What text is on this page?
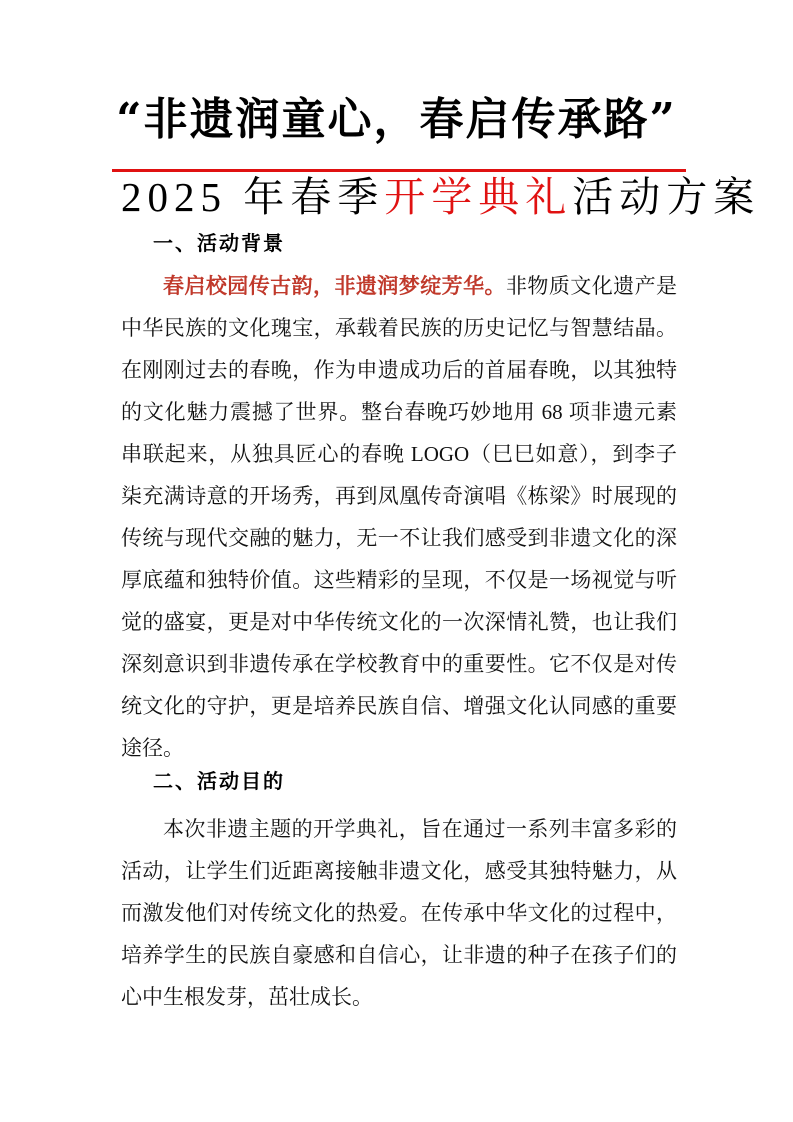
“非遗润童心，春启传承路”
2025 年春季开学典礼活动方案
一、活动背景

春启校园传古韵，非遗润梦绽芳华。非物质文化遗产是中华民族的文化瑰宝，承载着民族的历史记忆与智慧结晶。在刚刚过去的春晚，作为申遗成功后的首届春晚，以其独特的文化魅力震撼了世界。整台春晚巧妙地用 68 项非遗元素串联起来，从独具匠心的春晚 LOGO（巳巳如意），到李子柒充满诗意的开场秀，再到凤凰传奇演唱《栋梁》时展现的传统与现代交融的魅力，无一不让我们感受到非遗文化的深厚底蕴和独特价值。这些精彩的呈现，不仅是一场视觉与听觉的盛宴，更是对中华传统文化的一次深情礼赞，也让我们深刻意识到非遗传承在学校教育中的重要性。它不仅是对传统文化的守护，更是培养民族自信、增强文化认同感的重要途径。

二、活动目的

本次非遗主题的开学典礼，旨在通过一系列丰富多彩的活动，让学生们近距离接触非遗文化，感受其独特魅力，从而激发他们对传统文化的热爱。在传承中华文化的过程中，培养学生的民族自豪感和自信心，让非遗的种子在孩子们的心中生根发芽，茁壮成长。
